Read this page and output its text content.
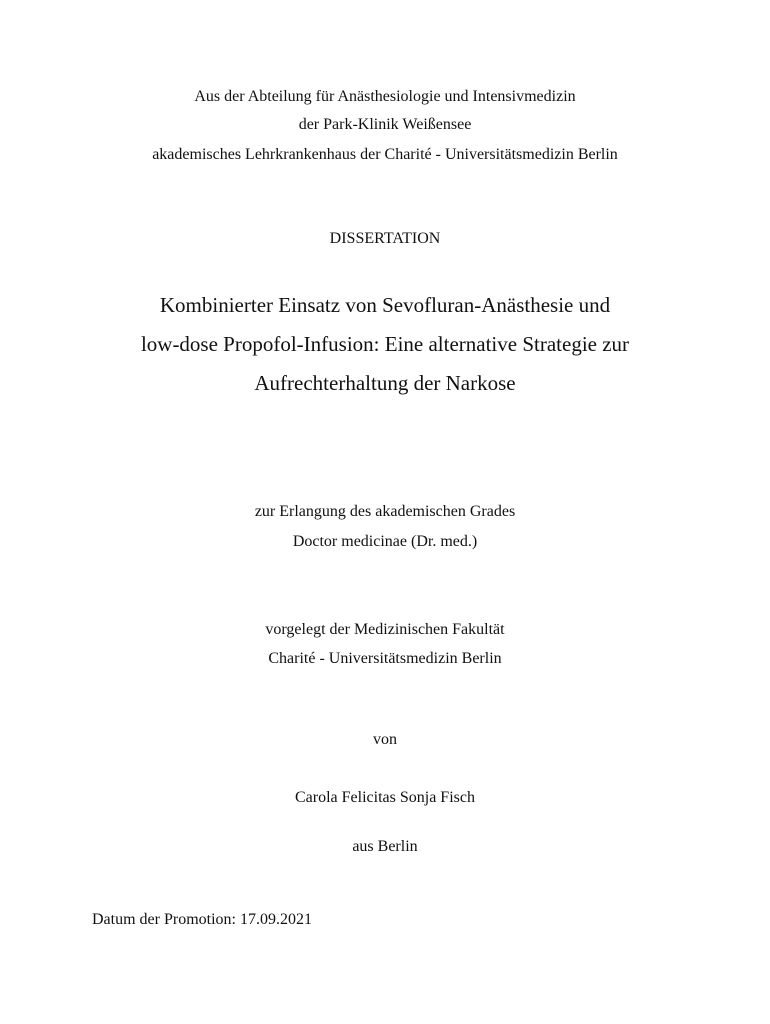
Aus der Abteilung für Anästhesiologie und Intensivmedizin
der Park-Klinik Weißensee
akademisches Lehrkrankenhaus der Charité - Universitätsmedizin Berlin
DISSERTATION
Kombinierter Einsatz von Sevofluran-Anästhesie und
low-dose Propofol-Infusion: Eine alternative Strategie zur
Aufrechterhaltung der Narkose
zur Erlangung des akademischen Grades
Doctor medicinae (Dr. med.)
vorgelegt der Medizinischen Fakultät
Charité - Universitätsmedizin Berlin
von
Carola Felicitas Sonja Fisch
aus Berlin
Datum der Promotion: 17.09.2021
